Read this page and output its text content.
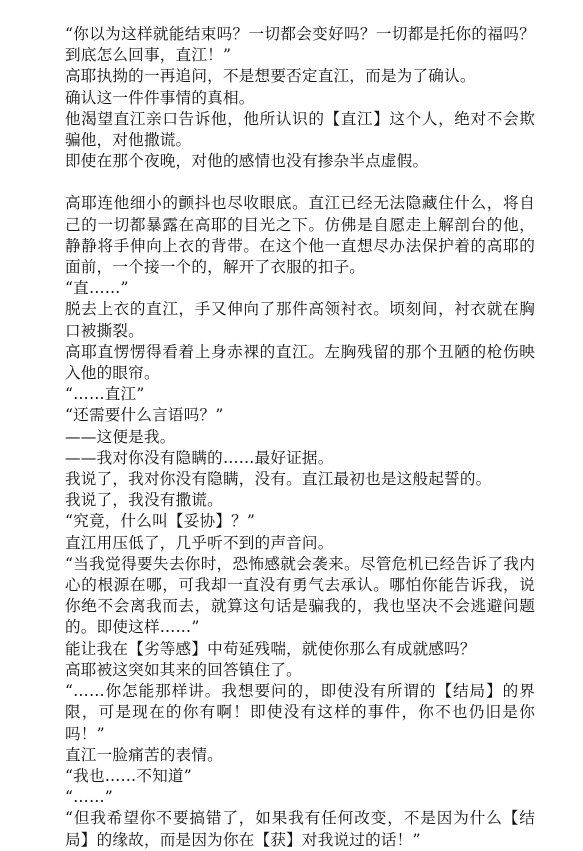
“你以为这样就能结束吗？一切都会变好吗？一切都是托你的福吗？到底怎么回事，直江！”

高耶执拗的一再追问，不是想要否定直江，而是为了确认。

确认这一件件事情的真相。

他渴望直江亲口告诉他，他所认识的【直江】这个人，绝对不会欺骗他，对他撒谎。

即使在那个夜晚，对他的感情也没有掺杂半点虚假。

高耶连他细小的颤抖也尽收眼底。直江已经无法隐藏住什么，将自己的一切都暴露在高耶的目光之下。仿佛是自愿走上解剖台的他，静静将手伸向上衣的背带。在这个他一直想尽办法保护着的高耶的面前，一个接一个的，解开了衣服的扣子。

“直……”

脱去上衣的直江，手又伸向了那件高领衬衣。顷刻间，衬衣就在胸口被撕裂。

高耶直愣愣得看着上身赤裸的直江。左胸残留的那个丑陋的枪伤映入他的眼帘。

“……直江”

“还需要什么言语吗？”

——这便是我。

——我对你没有隐瞒的……最好证据。

我说了，我对你没有隐瞒，没有。直江最初也是这般起誓的。

我说了，我没有撒谎。

“究竟，什么叫【妥协】？”

直江用压低了，几乎听不到的声音问。

“当我觉得要失去你时，恐怖感就会袭来。尽管危机已经告诉了我内心的根源在哪，可我却一直没有勇气去承认。哪怕你能告诉我，说你绝不会离我而去，就算这句话是骗我的，我也坚决不会逃避问题的。即使这样……”

能让我在【劣等感】中苟延残喘，就使你那么有成就感吗？

高耶被这突如其来的回答镇住了。

“……你怎能那样讲。我想要问的，即使没有所谓的【结局】的界限，可是现在的你有啊！即使没有这样的事件，你不也仍旧是你吗！”

直江一脸痛苦的表情。

“我也……不知道”

“……”

“但我希望你不要搞错了，如果我有任何改变，不是因为什么【结局】的缘故，而是因为你在【获】对我说过的话！”
